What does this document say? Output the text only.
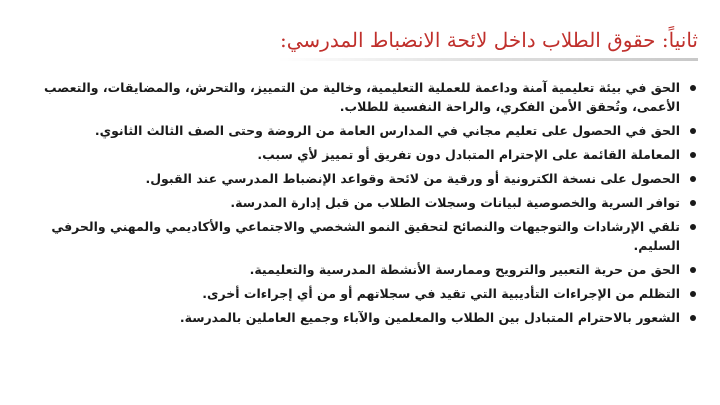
ثانياً: حقوق الطلاب داخل لائحة الانضباط المدرسي:
الحق في بيئة تعليمية آمنة وداعمة للعملية التعليمية، وخالية من التمييز، والتحرش، والمضايقات، والتعصب الأعمى، وتُحقق الأمن الفكري، والراحة النفسية للطلاب.
الحق في الحصول على تعليم مجاني في المدارس العامة من الروضة وحتى الصف الثالث الثانوي.
المعاملة القائمة على الإحترام المتبادل دون تفريق أو تمييز لأي سبب.
الحصول على نسخة الكترونية أو ورقية من لائحة وقواعد الإنضباط المدرسي عند القبول.
توافر السرية والخصوصية لبيانات وسجلات الطلاب من قبل إدارة المدرسة.
تلقي الإرشادات والتوجيهات والنصائح لتحقيق النمو الشخصي والاجتماعي والأكاديمي والمهني والحرفي السليم.
الحق من حرية التعبير والترويح وممارسة الأنشطة المدرسية والتعليمية.
التظلم من الإجراءات التأديبية التي تقيد في سجلاتهم أو من أي إجراءات أخرى.
الشعور بالاحترام المتبادل بين الطلاب والمعلمين والآباء وجميع العاملين بالمدرسة.
